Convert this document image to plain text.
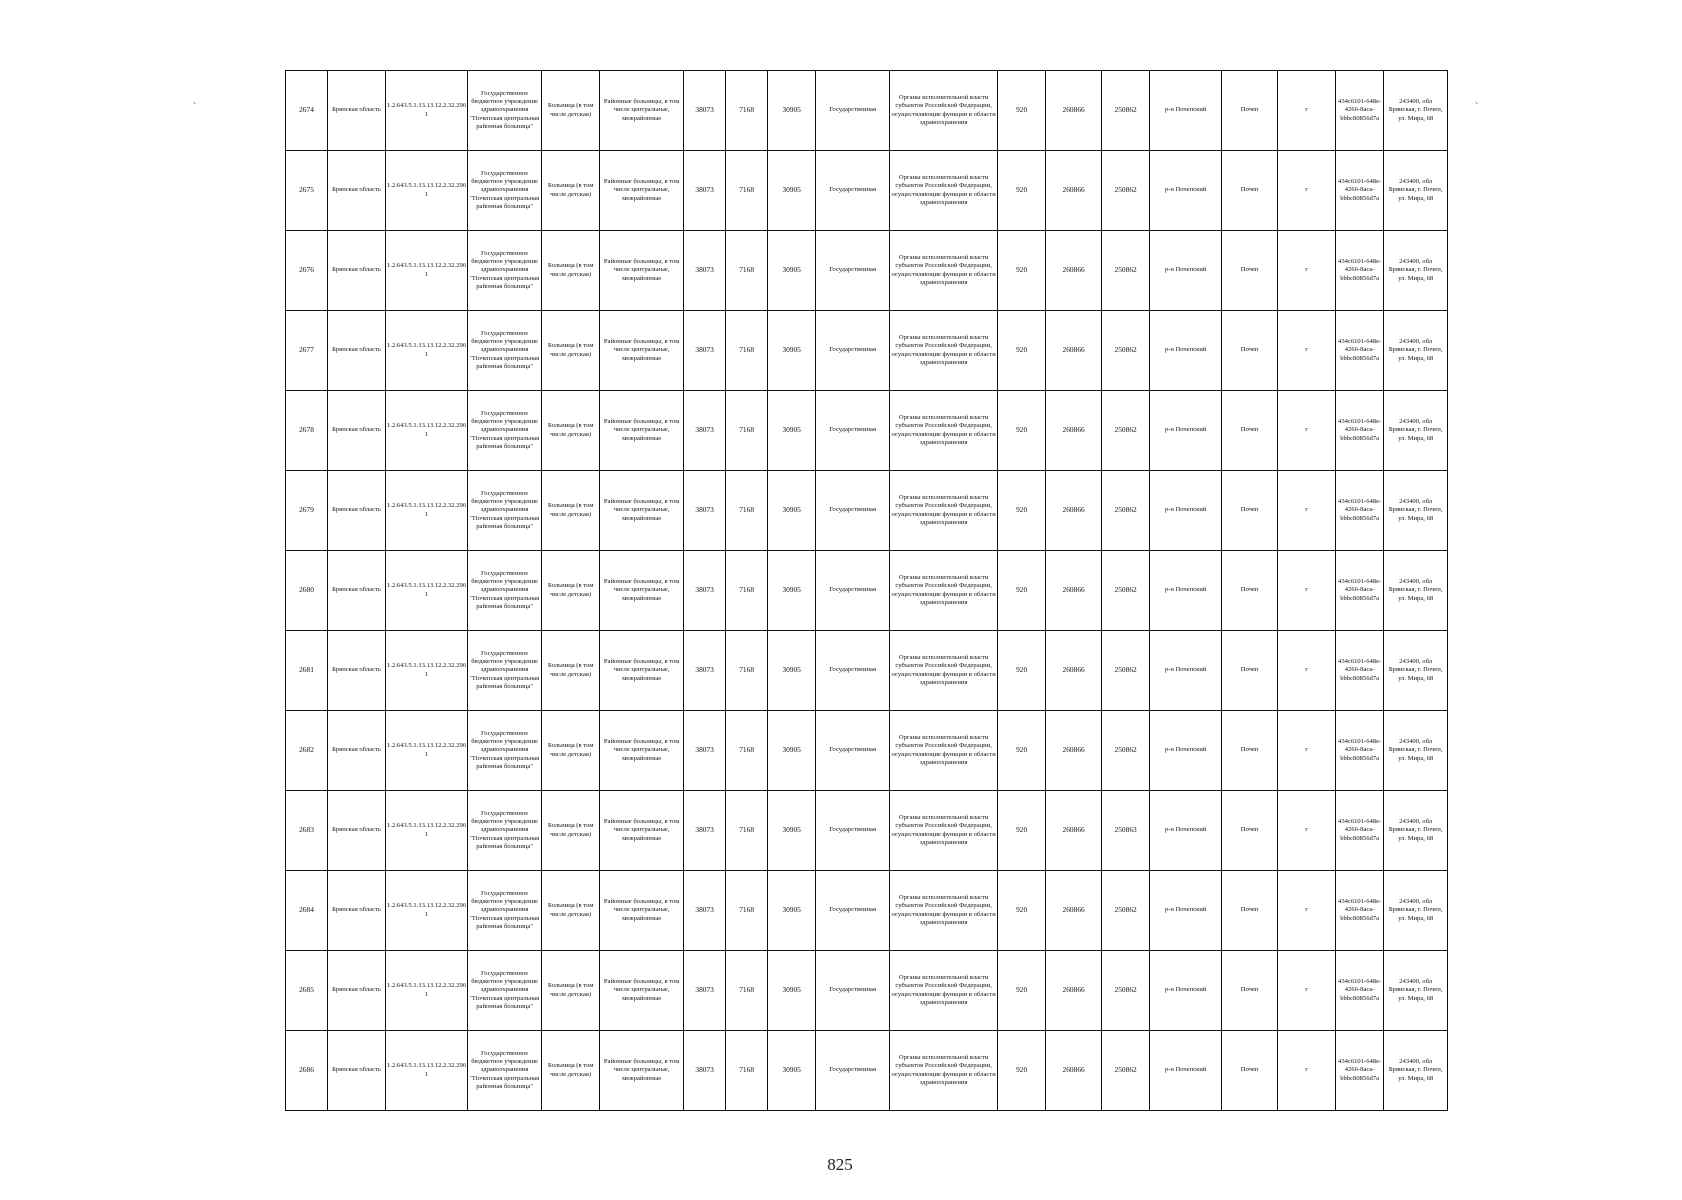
2674	Брянская область	1.2.643.5.1.13.13.12.2.32.296 1	Государственное бюджетное учреждение здравоохранения "Почепская центральная районная больница"	Больница (в том числе детская)	Районные больницы, в том числе центральные, межрайонные	38073	7168	30905	Государственная	Органы исполнительной власти субъектов Российской Федерации, осуществляющие функции в области здравоохранения	920	260866	250862	р-н Почепский	Почеп	г	434c6101-648e-4266-8aca-bbbc80856d7a	243400, обл Брянская, г. Почеп, ул. Мира, 68
2675	Брянская область	1.2.643.5.1.13.13.12.2.32.296 1	Государственное бюджетное учреждение здравоохранения "Почепская центральная районная больница"	Больница (в том числе детская)	Районные больницы, в том числе центральные, межрайонные	38073	7168	30905	Государственная	Органы исполнительной власти субъектов Российской Федерации, осуществляющие функции в области здравоохранения	920	260866	250862	р-н Почепский	Почеп	г	434c6101-648e-4266-8aca-bbbc80856d7a	243400, обл Брянская, г. Почеп, ул. Мира, 68
2676	Брянская область	1.2.643.5.1.13.13.12.2.32.296 1	Государственное бюджетное учреждение здравоохранения "Почепская центральная районная больница"	Больница (в том числе детская)	Районные больницы, в том числе центральные, межрайонные	38073	7168	30905	Государственная	Органы исполнительной власти субъектов Российской Федерации, осуществляющие функции в области здравоохранения	920	260866	250862	р-н Почепский	Почеп	г	434c6101-648e-4266-8aca-bbbc80856d7a	243400, обл Брянская, г. Почеп, ул. Мира, 68
2677	Брянская область	1.2.643.5.1.13.13.12.2.32.296 1	Государственное бюджетное учреждение здравоохранения "Почепская центральная районная больница"	Больница (в том числе детская)	Районные больницы, в том числе центральные, межрайонные	38073	7168	30905	Государственная	Органы исполнительной власти субъектов Российской Федерации, осуществляющие функции в области здравоохранения	920	260866	250862	р-н Почепский	Почеп	г	434c6101-648e-4266-8aca-bbbc80856d7a	243400, обл Брянская, г. Почеп, ул. Мира, 68
2678	Брянская область	1.2.643.5.1.13.13.12.2.32.296 1	Государственное бюджетное учреждение здравоохранения "Почепская центральная районная больница"	Больница (в том числе детская)	Районные больницы, в том числе центральные, межрайонные	38073	7168	30905	Государственная	Органы исполнительной власти субъектов Российской Федерации, осуществляющие функции в области здравоохранения	920	260866	250862	р-н Почепский	Почеп	г	434c6101-648e-4266-8aca-bbbc80856d7a	243400, обл Брянская, г. Почеп, ул. Мира, 68
2679	Брянская область	1.2.643.5.1.13.13.12.2.32.296 1	Государственное бюджетное учреждение здравоохранения "Почепская центральная районная больница"	Больница (в том числе детская)	Районные больницы, в том числе центральные, межрайонные	38073	7168	30905	Государственная	Органы исполнительной власти субъектов Российской Федерации, осуществляющие функции в области здравоохранения	920	260866	250862	р-н Почепский	Почеп	г	434c6101-648e-4266-8aca-bbbc80856d7a	243400, обл Брянская, г. Почеп, ул. Мира, 68
2680	Брянская область	1.2.643.5.1.13.13.12.2.32.296 1	Государственное бюджетное учреждение здравоохранения "Почепская центральная районная больница"	Больница (в том числе детская)	Районные больницы, в том числе центральные, межрайонные	38073	7168	30905	Государственная	Органы исполнительной власти субъектов Российской Федерации, осуществляющие функции в области здравоохранения	920	260866	250862	р-н Почепский	Почеп	г	434c6101-648e-4266-8aca-bbbc80856d7a	243400, обл Брянская, г. Почеп, ул. Мира, 68
2681	Брянская область	1.2.643.5.1.13.13.12.2.32.296 1	Государственное бюджетное учреждение здравоохранения "Почепская центральная районная больница"	Больница (в том числе детская)	Районные больницы, в том числе центральные, межрайонные	38073	7168	30905	Государственная	Органы исполнительной власти субъектов Российской Федерации, осуществляющие функции в области здравоохранения	920	260866	250862	р-н Почепский	Почеп	г	434c6101-648e-4266-8aca-bbbc80856d7a	243400, обл Брянская, г. Почеп, ул. Мира, 68
2682	Брянская область	1.2.643.5.1.13.13.12.2.32.296 1	Государственное бюджетное учреждение здравоохранения "Почепская центральная районная больница"	Больница (в том числе детская)	Районные больницы, в том числе центральные, межрайонные	38073	7168	30905	Государственная	Органы исполнительной власти субъектов Российской Федерации, осуществляющие функции в области здравоохранения	920	260866	250862	р-н Почепский	Почеп	г	434c6101-648e-4266-8aca-bbbc80856d7a	243400, обл Брянская, г. Почеп, ул. Мира, 68
2683	Брянская область	1.2.643.5.1.13.13.12.2.32.296 1	Государственное бюджетное учреждение здравоохранения "Почепская центральная районная больница"	Больница (в том числе детская)	Районные больницы, в том числе центральные, межрайонные	38073	7168	30905	Государственная	Органы исполнительной власти субъектов Российской Федерации, осуществляющие функции в области здравоохранения	920	260866	250863	р-н Почепский	Почеп	г	434c6101-648e-4266-8aca-bbbc80856d7a	243400, обл Брянская, г. Почеп, ул. Мира, 68
2684	Брянская область	1.2.643.5.1.13.13.12.2.32.296 1	Государственное бюджетное учреждение здравоохранения "Почепская центральная районная больница"	Больница (в том числе детская)	Районные больницы, в том числе центральные, межрайонные	38073	7168	30905	Государственная	Органы исполнительной власти субъектов Российской Федерации, осуществляющие функции в области здравоохранения	920	260866	250862	р-н Почепский	Почеп	г	434c6101-648e-4266-8aca-bbbc80856d7a	243400, обл Брянская, г. Почеп, ул. Мира, 68
2685	Брянская область	1.2.643.5.1.13.13.12.2.32.296 1	Государственное бюджетное учреждение здравоохранения "Почепская центральная районная больница"	Больница (в том числе детская)	Районные больницы, в том числе центральные, межрайонные	38073	7168	30905	Государственная	Органы исполнительной власти субъектов Российской Федерации, осуществляющие функции в области здравоохранения	920	260866	250862	р-н Почепский	Почеп	г	434c6101-648e-4266-8aca-bbbc80856d7a	243400, обл Брянская, г. Почеп, ул. Мира, 68
2686	Брянская область	1.2.643.5.1.13.13.12.2.32.296 1	Государственное бюджетное учреждение здравоохранения "Почепская центральная районная больница"	Больница (в том числе детская)	Районные больницы, в том числе центральные, межрайонные	38073	7168	30905	Государственная	Органы исполнительной власти субъектов Российской Федерации, осуществляющие функции в области здравоохранения	920	260866	250862	р-н Почепский	Почеп	г	434c6101-648e-4266-8aca-bbbc80856d7a	243400, обл Брянская, г. Почеп, ул. Мира, 68
`	`
825
